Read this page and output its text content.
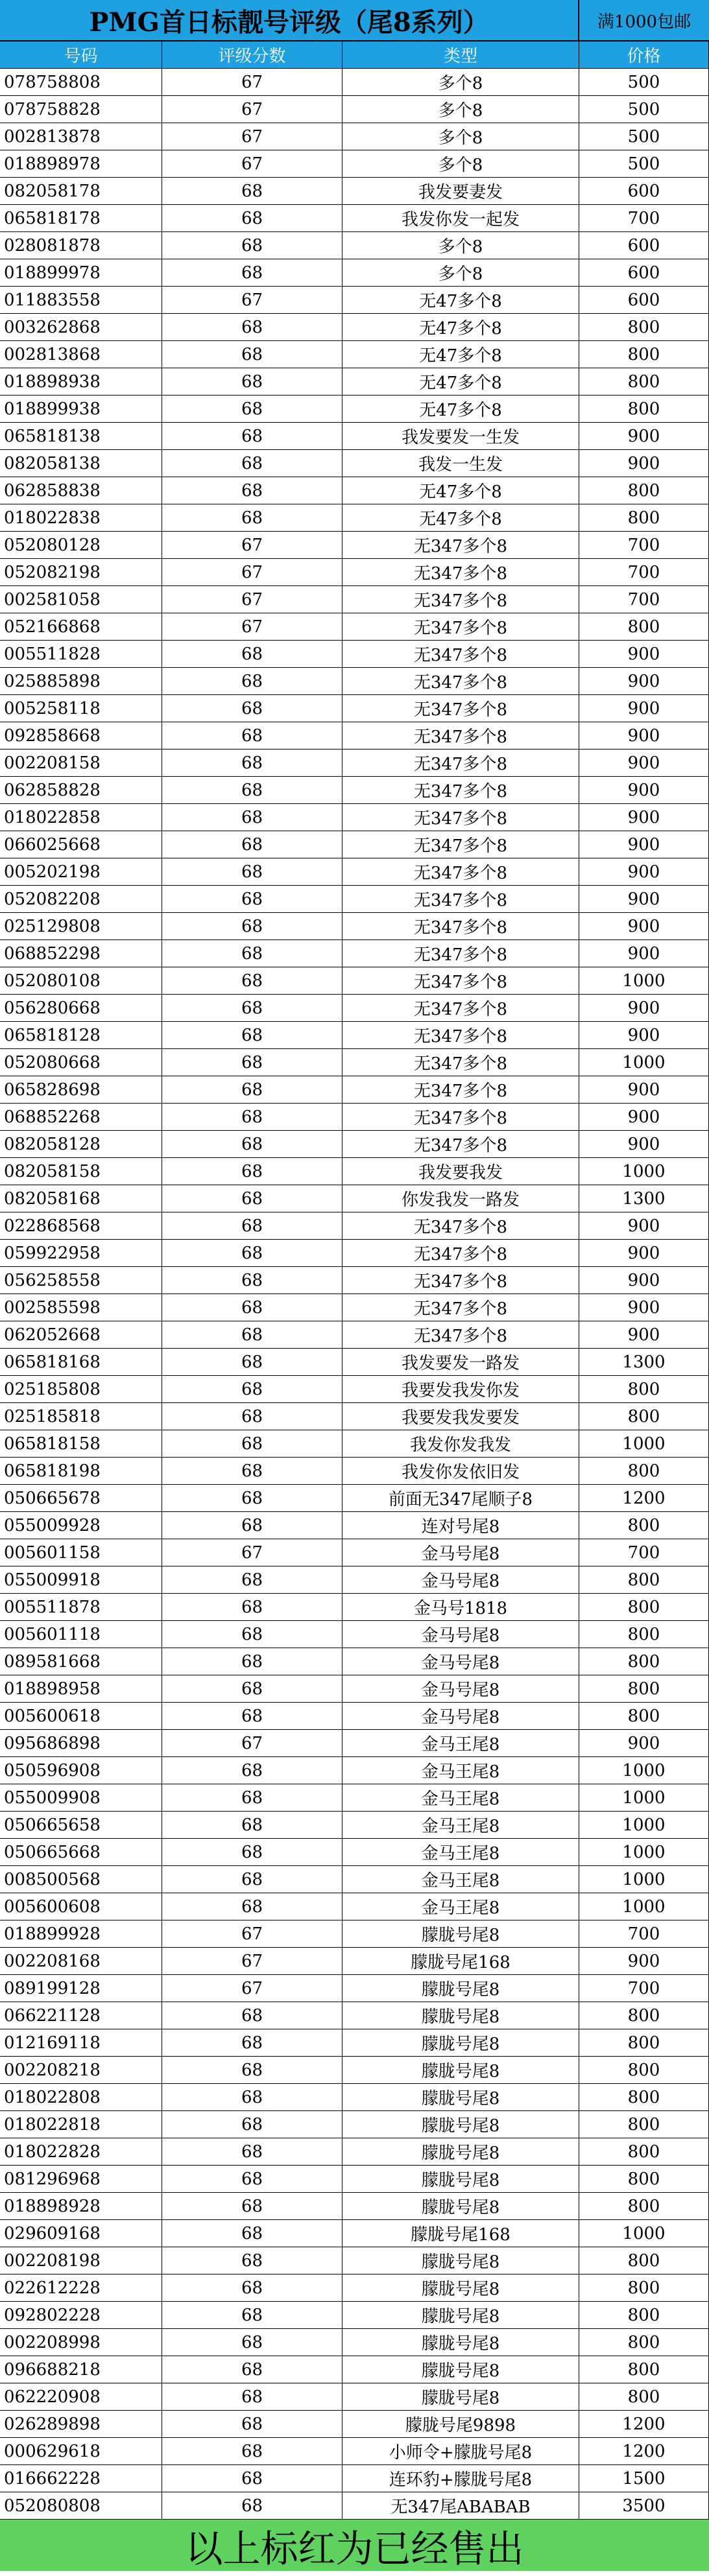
PMG首日标靓号评级（尾8系列）	满1000包邮
号码	评级分数	类型	价格
078758808	67	多个8	500
078758828	67	多个8	500
002813878	67	多个8	500
018898978	67	多个8	500
082058178	68	我发要妻发	600
065818178	68	我发你发一起发	700
028081878	68	多个8	600
018899978	68	多个8	600
011883558	67	无47多个8	600
003262868	68	无47多个8	800
002813868	68	无47多个8	800
018898938	68	无47多个8	800
018899938	68	无47多个8	800
065818138	68	我发要发一生发	900
082058138	68	我发一生发	900
062858838	68	无47多个8	800
018022838	68	无47多个8	800
052080128	67	无347多个8	700
052082198	67	无347多个8	700
002581058	67	无347多个8	700
052166868	67	无347多个8	800
005511828	68	无347多个8	900
025885898	68	无347多个8	900
005258118	68	无347多个8	900
092858668	68	无347多个8	900
002208158	68	无347多个8	900
062858828	68	无347多个8	900
018022858	68	无347多个8	900
066025668	68	无347多个8	900
005202198	68	无347多个8	900
052082208	68	无347多个8	900
025129808	68	无347多个8	900
068852298	68	无347多个8	900
052080108	68	无347多个8	1000
056280668	68	无347多个8	900
065818128	68	无347多个8	900
052080668	68	无347多个8	1000
065828698	68	无347多个8	900
068852268	68	无347多个8	900
082058128	68	无347多个8	900
082058158	68	我发要我发	1000
082058168	68	你发我发一路发	1300
022868568	68	无347多个8	900
059922958	68	无347多个8	900
056258558	68	无347多个8	900
002585598	68	无347多个8	900
062052668	68	无347多个8	900
065818168	68	我发要发一路发	1300
025185808	68	我要发我发你发	800
025185818	68	我要发我发要发	800
065818158	68	我发你发我发	1000
065818198	68	我发你发依旧发	800
050665678	68	前面无347尾顺子8	1200
055009928	68	连对号尾8	800
005601158	67	金马号尾8	700
055009918	68	金马号尾8	800
005511878	68	金马号1818	800
005601118	68	金马号尾8	800
089581668	68	金马号尾8	800
018898958	68	金马号尾8	800
005600618	68	金马号尾8	800
095686898	67	金马王尾8	900
050596908	68	金马王尾8	1000
055009908	68	金马王尾8	1000
050665658	68	金马王尾8	1000
050665668	68	金马王尾8	1000
008500568	68	金马王尾8	1000
005600608	68	金马王尾8	1000
018899928	67	朦胧号尾8	700
002208168	67	朦胧号尾168	900
089199128	67	朦胧号尾8	700
066221128	68	朦胧号尾8	800
012169118	68	朦胧号尾8	800
002208218	68	朦胧号尾8	800
018022808	68	朦胧号尾8	800
018022818	68	朦胧号尾8	800
018022828	68	朦胧号尾8	800
081296968	68	朦胧号尾8	800
018898928	68	朦胧号尾8	800
029609168	68	朦胧号尾168	1000
002208198	68	朦胧号尾8	800
022612228	68	朦胧号尾8	800
092802228	68	朦胧号尾8	800
002208998	68	朦胧号尾8	800
096688218	68	朦胧号尾8	800
062220908	68	朦胧号尾8	800
026289898	68	朦胧号尾9898	1200
000629618	68	小师令+朦胧号尾8	1200
016662228	68	连环豹+朦胧号尾8	1500
052080808	68	无347尾ABABAB	3500
以上标红为已经售出
